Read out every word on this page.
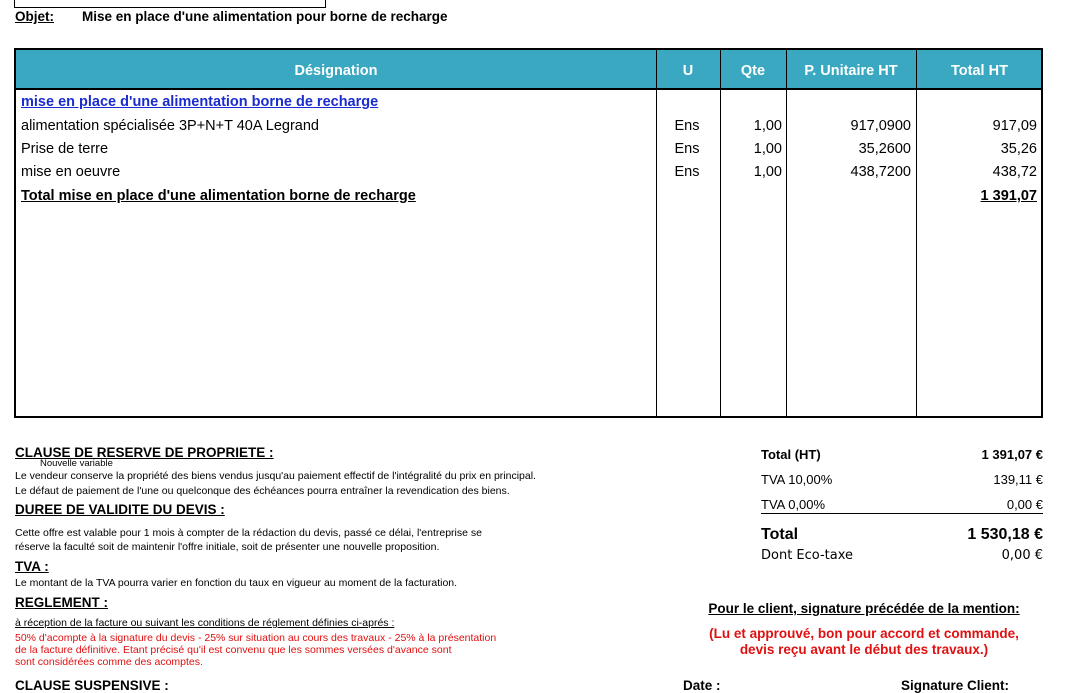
Objet: Mise en place d'une alimentation pour borne de recharge
Désignation	U	Qte	P. Unitaire HT	Total HT
mise en place d'une alimentation borne de recharge
alimentation spécialisée 3P+N+T 40A Legrand	Ens	1,00	917,0900	917,09
Prise de terre	Ens	1,00	35,2600	35,26
mise en oeuvre	Ens	1,00	438,7200	438,72
Total mise en place d'une alimentation borne de recharge	1 391,07
CLAUSE DE RESERVE DE PROPRIETE :
Nouvelle variable
Le vendeur conserve la propriété des biens vendus jusqu'au paiement effectif de l'intégralité du prix en principal.
Le défaut de paiement de l'une ou quelconque des échéances pourra entraîner la revendication des biens.
DUREE DE VALIDITE DU DEVIS :
Cette offre est valable pour 1 mois à compter de la rédaction du devis, passé ce délai, l'entreprise se
réserve la faculté soit de maintenir l'offre initiale, soit de présenter une nouvelle proposition.
TVA :
Le montant de la TVA pourra varier en fonction du taux en vigueur au moment de la facturation.
REGLEMENT :
à réception de la facture ou suivant les conditions de réglement définies ci-aprés :
50% d'acompte à la signature du devis - 25% sur situation au cours des travaux - 25% à la présentation
de la facture définitive. Etant précisé qu'il est convenu que les sommes versées d'avance sont
sont considérées comme des acomptes.
CLAUSE SUSPENSIVE :
Total (HT)	1 391,07 €
TVA 10,00%	139,11 €
TVA 0,00%	0,00 €
Total	1 530,18 €
Dont Eco-taxe	0,00 €
Pour le client, signature précédée de la mention:
(Lu et approuvé, bon pour accord et commande,
devis reçu avant le début des travaux.)
Date :	Signature Client:
